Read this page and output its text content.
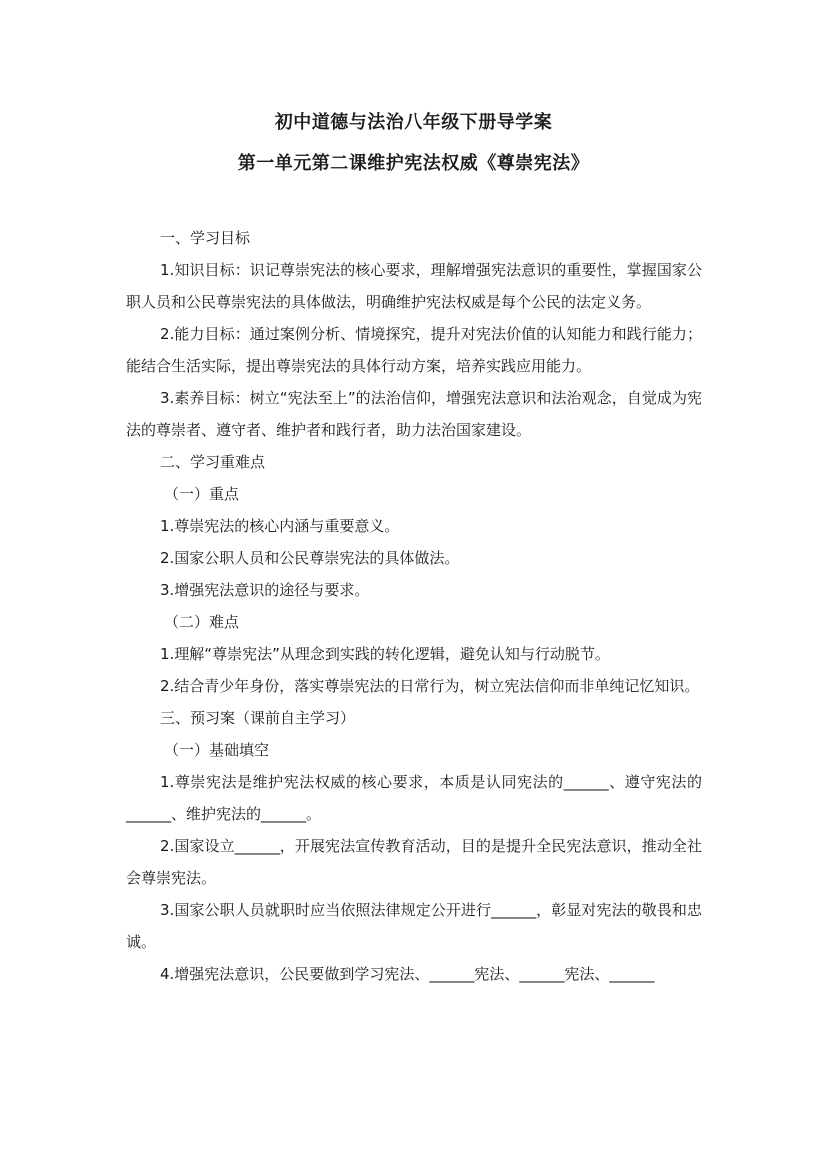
初中道德与法治八年级下册导学案
第一单元第二课维护宪法权威《尊崇宪法》

一、学习目标

1.知识目标：识记尊崇宪法的核心要求，理解增强宪法意识的重要性，掌握国家公职人员和公民尊崇宪法的具体做法，明确维护宪法权威是每个公民的法定义务。

2.能力目标：通过案例分析、情境探究，提升对宪法价值的认知能力和践行能力；能结合生活实际，提出尊崇宪法的具体行动方案，培养实践应用能力。

3.素养目标：树立“宪法至上”的法治信仰，增强宪法意识和法治观念，自觉成为宪法的尊崇者、遵守者、维护者和践行者，助力法治国家建设。

二、学习重难点

（一）重点

1.尊崇宪法的核心内涵与重要意义。

2.国家公职人员和公民尊崇宪法的具体做法。

3.增强宪法意识的途径与要求。

（二）难点

1.理解“尊崇宪法”从理念到实践的转化逻辑，避免认知与行动脱节。

2.结合青少年身份，落实尊崇宪法的日常行为，树立宪法信仰而非单纯记忆知识。

三、预习案（课前自主学习）

（一）基础填空

1.尊崇宪法是维护宪法权威的核心要求，本质是认同宪法的______、遵守宪法的______、维护宪法的______。

2.国家设立______，开展宪法宣传教育活动，目的是提升全民宪法意识，推动全社会尊崇宪法。

3.国家公职人员就职时应当依照法律规定公开进行______，彰显对宪法的敬畏和忠诚。

4.增强宪法意识，公民要做到学习宪法、______宪法、______宪法、______
